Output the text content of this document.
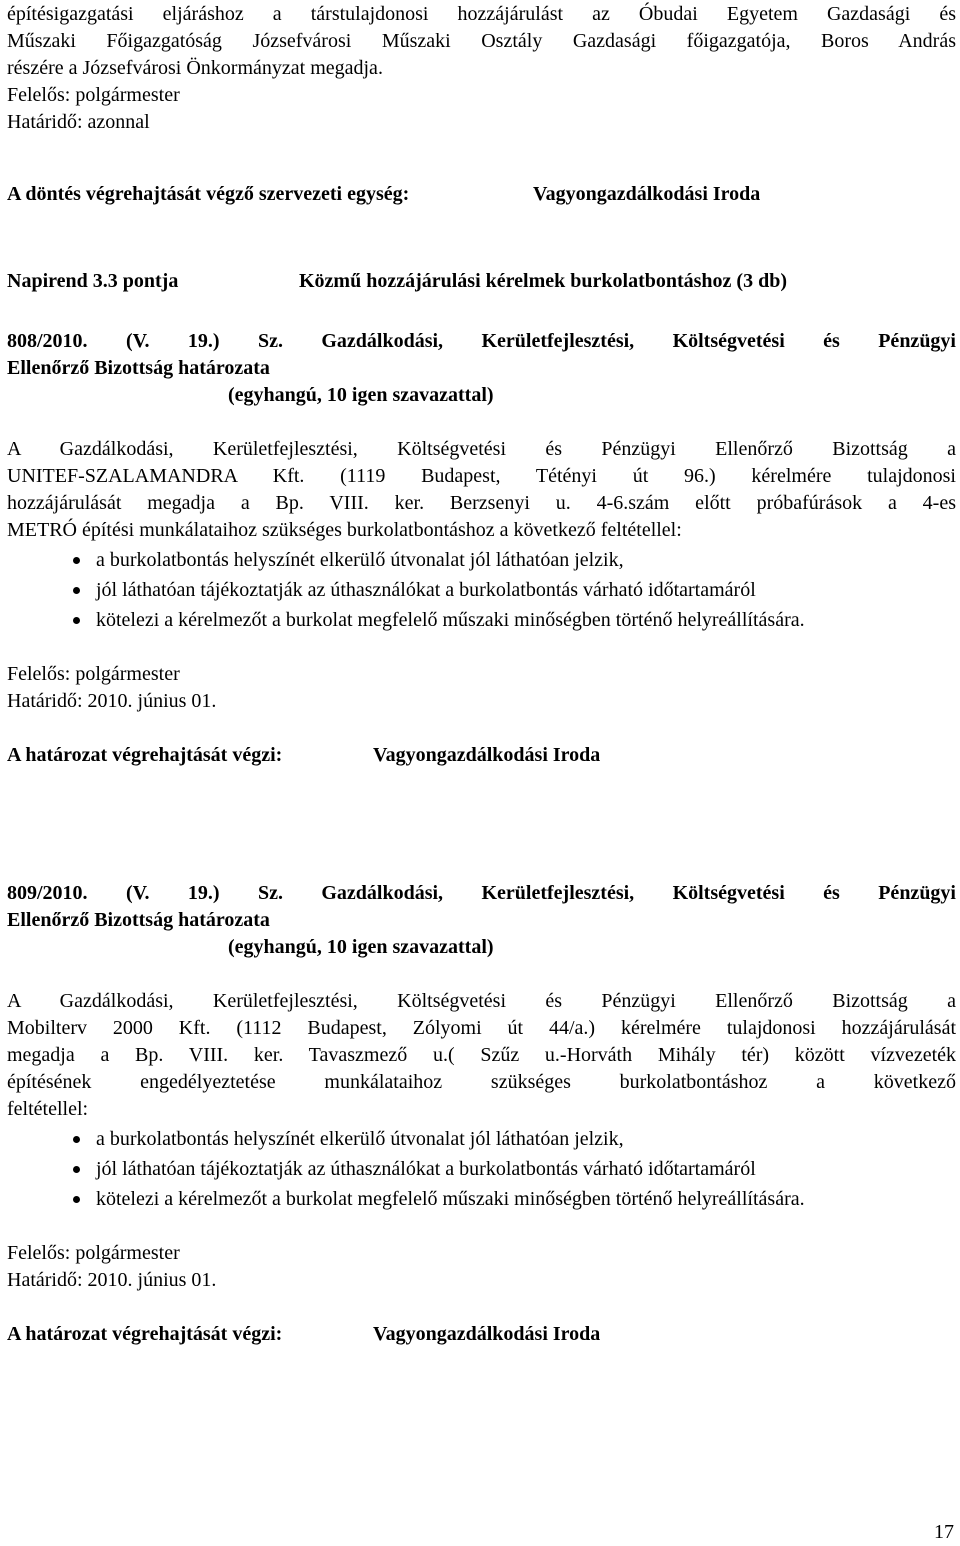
építésigazgatási eljáráshoz a társtulajdonosi hozzájárulást az Óbudai Egyetem Gazdasági és

Műszaki Főigazgatóság Józsefvárosi Műszaki Osztály Gazdasági főigazgatója, Boros András

részére a Józsefvárosi Önkormányzat megadja.

Felelős: polgármester

Határidő: azonnal

A döntés végrehajtását végző szervezeti egység:	Vagyongazdálkodási Iroda
Napirend 3.3 pontja	Közmű hozzájárulási kérelmek burkolatbontáshoz (3 db)

808/2010. (V. 19.) Sz. Gazdálkodási, Kerületfejlesztési, Költségvetési és Pénzügyi

Ellenőrző Bizottság határozata

(egyhangú, 10 igen szavazattal)

A Gazdálkodási, Kerületfejlesztési, Költségvetési és Pénzügyi Ellenőrző Bizottság a

UNITEF-SZALAMANDRA Kft. (1119 Budapest, Tétényi út 96.) kérelmére tulajdonosi

hozzájárulását megadja a Bp. VIII. ker. Berzsenyi u. 4-6.szám előtt próbafúrások a 4-es

METRÓ építési munkálataihoz szükséges burkolatbontáshoz a következő feltétellel:

a burkolatbontás helyszínét elkerülő útvonalat jól láthatóan jelzik,
jól láthatóan tájékoztatják az úthasználókat a burkolatbontás várható időtartamáról
kötelezi a kérelmezőt a burkolat megfelelő műszaki minőségben történő helyreállítására.

Felelős: polgármester

Határidő: 2010. június 01.

A határozat végrehajtását végzi:	Vagyongazdálkodási Iroda

809/2010. (V. 19.) Sz. Gazdálkodási, Kerületfejlesztési, Költségvetési és Pénzügyi

Ellenőrző Bizottság határozata

(egyhangú, 10 igen szavazattal)

A Gazdálkodási, Kerületfejlesztési, Költségvetési és Pénzügyi Ellenőrző Bizottság a

Mobilterv 2000 Kft. (1112 Budapest, Zólyomi út 44/a.) kérelmére tulajdonosi hozzájárulását

megadja a Bp. VIII. ker. Tavaszmező u.( Szűz u.-Horváth Mihály tér) között vízvezeték

építésének engedélyeztetése munkálataihoz szükséges burkolatbontáshoz a következő

feltétellel:

a burkolatbontás helyszínét elkerülő útvonalat jól láthatóan jelzik,
jól láthatóan tájékoztatják az úthasználókat a burkolatbontás várható időtartamáról
kötelezi a kérelmezőt a burkolat megfelelő műszaki minőségben történő helyreállítására.

Felelős: polgármester

Határidő: 2010. június 01.

A határozat végrehajtását végzi:	Vagyongazdálkodási Iroda
17
